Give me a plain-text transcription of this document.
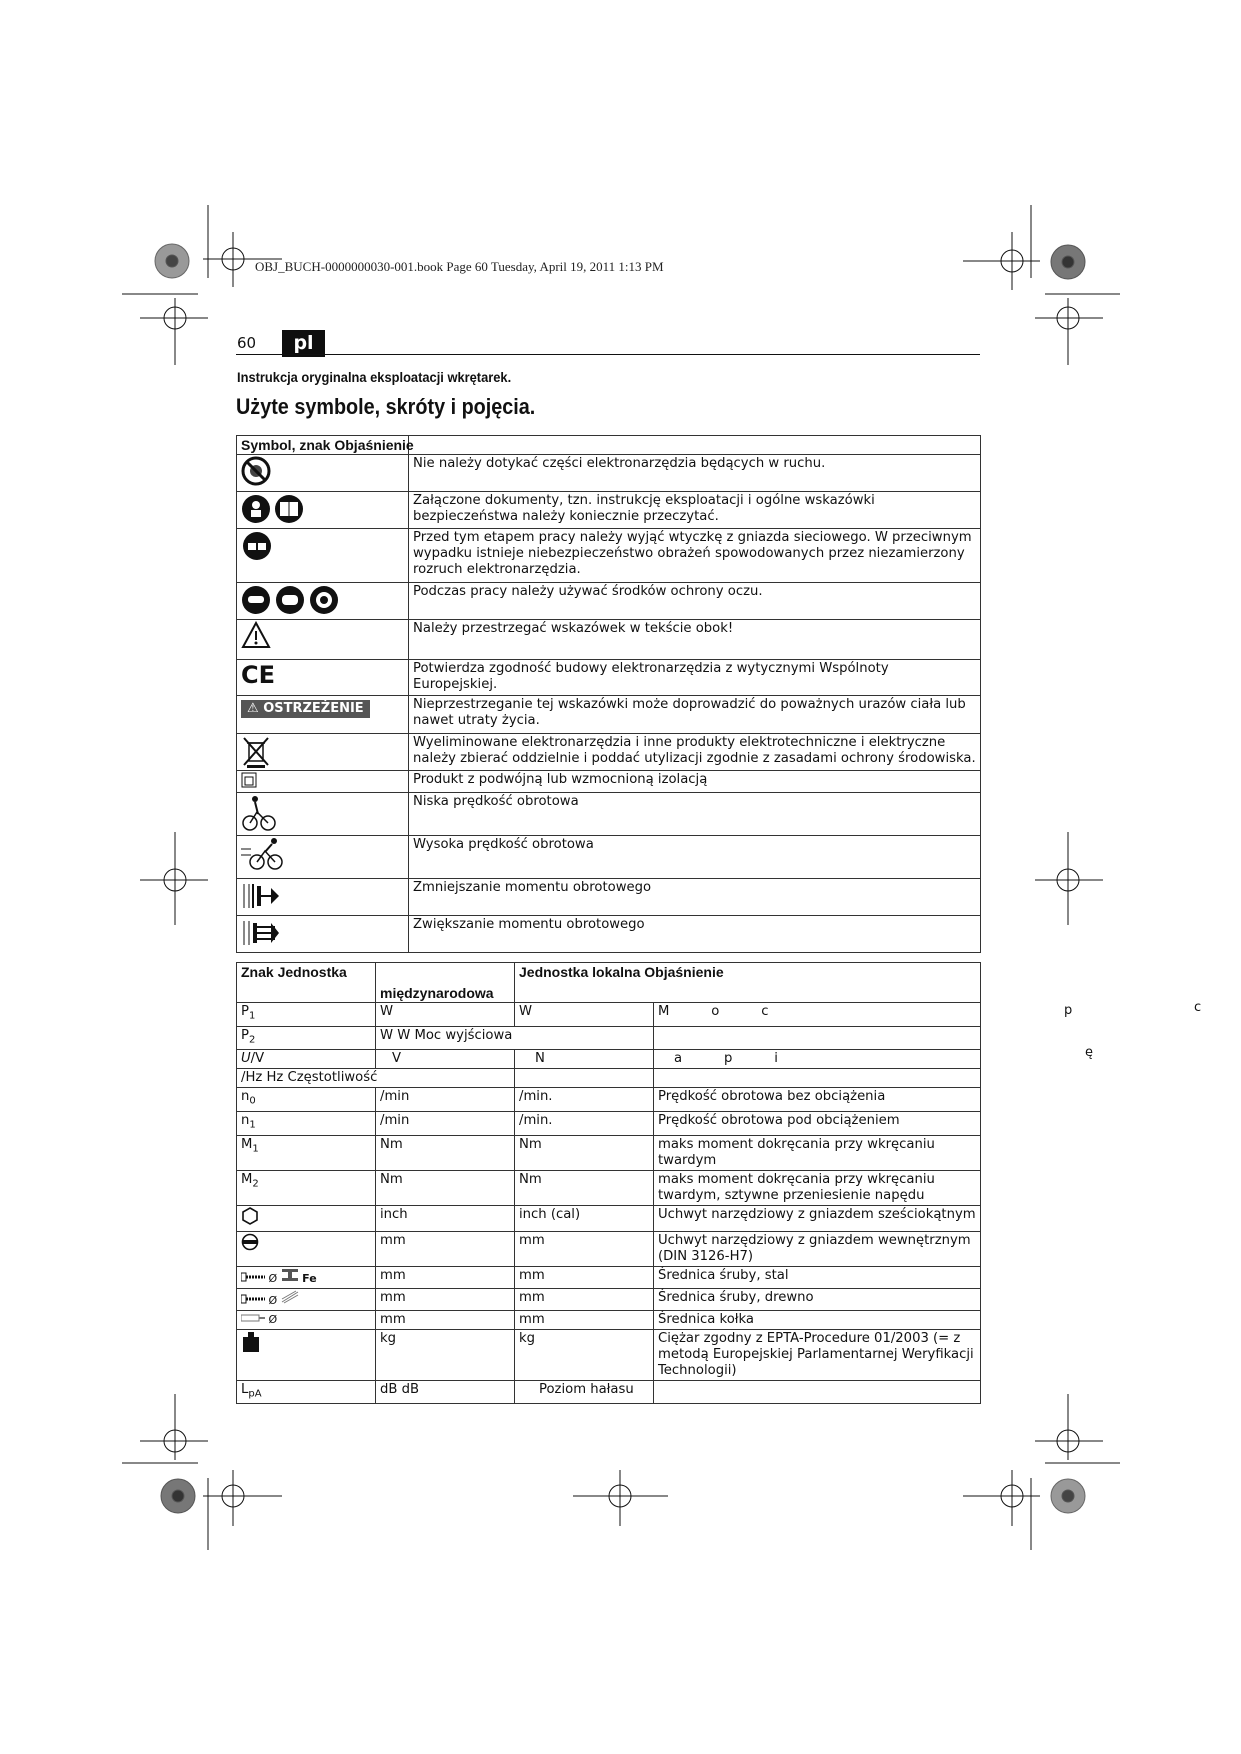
OBJ_BUCH-0000000030-001.book Page 60 Tuesday, April 19, 2011 1:13 PM
60	pl
Instrukcja oryginalna eksploatacji wkrętarek.
Użyte symbole, skróty i pojęcia.
Symbol, znak Objaśnienie	
	Nie należy dotykać części elektronarzędzia będących w ruchu.
	Załączone dokumenty, tzn. instrukcję eksploatacji i ogólne wskazówki bezpieczeństwa należy koniecznie przeczytać.
	Przed tym etapem pracy należy wyjąć wtyczkę z gniazda sieciowego. W przeciwnym wypadku istnieje niebezpieczeństwo obrażeń spowodowanych przez niezamierzony rozruch elektronarzędzia.
	Podczas pracy należy używać środków ochrony oczu.
	Należy przestrzegać wskazówek w tekście obok!
CE	Potwierdza zgodność budowy elektronarzędzia z wytycznymi Wspólnoty Europejskiej.
⚠ OSTRZEŻENIE	Nieprzestrzeganie tej wskazówki może doprowadzić do poważnych urazów ciała lub nawet utraty życia.
	Wyeliminowane elektronarzędzia i inne produkty elektrotechniczne i elektryczne należy zbierać oddzielnie i poddać utylizacji zgodnie z zasadami ochrony środowiska.
	Produkt z podwójną lub wzmocnioną izolacją
	Niska prędkość obrotowa
	Wysoka prędkość obrotowa
	Zmniejszanie momentu obrotowego
	Zwiększanie momentu obrotowego
Znak Jednostka	międzynarodowa	Jednostka lokalna Objaśnienie	
$P_1$	W	W	M          o          c
$P_2$	W W Moc wyjściowa		
U/V	V	N	a          p          i
/Hz Hz Częstotliwość			
$n_0$	/min	/min.	Prędkość obrotowa bez obciążenia
$n_1$	/min	/min.	Prędkość obrotowa pod obciążeniem
$M_1$	Nm	Nm	maks moment dokręcania przy wkręcaniu twardym
$M_2$	Nm	Nm	maks moment dokręcania przy wkręcaniu twardym, sztywne przeniesienie napędu
	inch	inch (cal)	Uchwyt narzędziowy z gniazdem sześciokątnym
	mm	mm	Uchwyt narzędziowy z gniazdem wewnętrznym (DIN 3126-H7)
Ø Fe	mm	mm	Średnica śruby, stal
Ø	mm	mm	Średnica śruby, drewno
Ø	mm	mm	Średnica kołka
	kg	kg	Ciężar zgodny z EPTA-Procedure 01/2003 (= z metodą Europejskiej Parlamentarnej Weryfikacji Technologii)
$L_{pA}$	dB dB	Poziom hałasu	
p	c
ę
